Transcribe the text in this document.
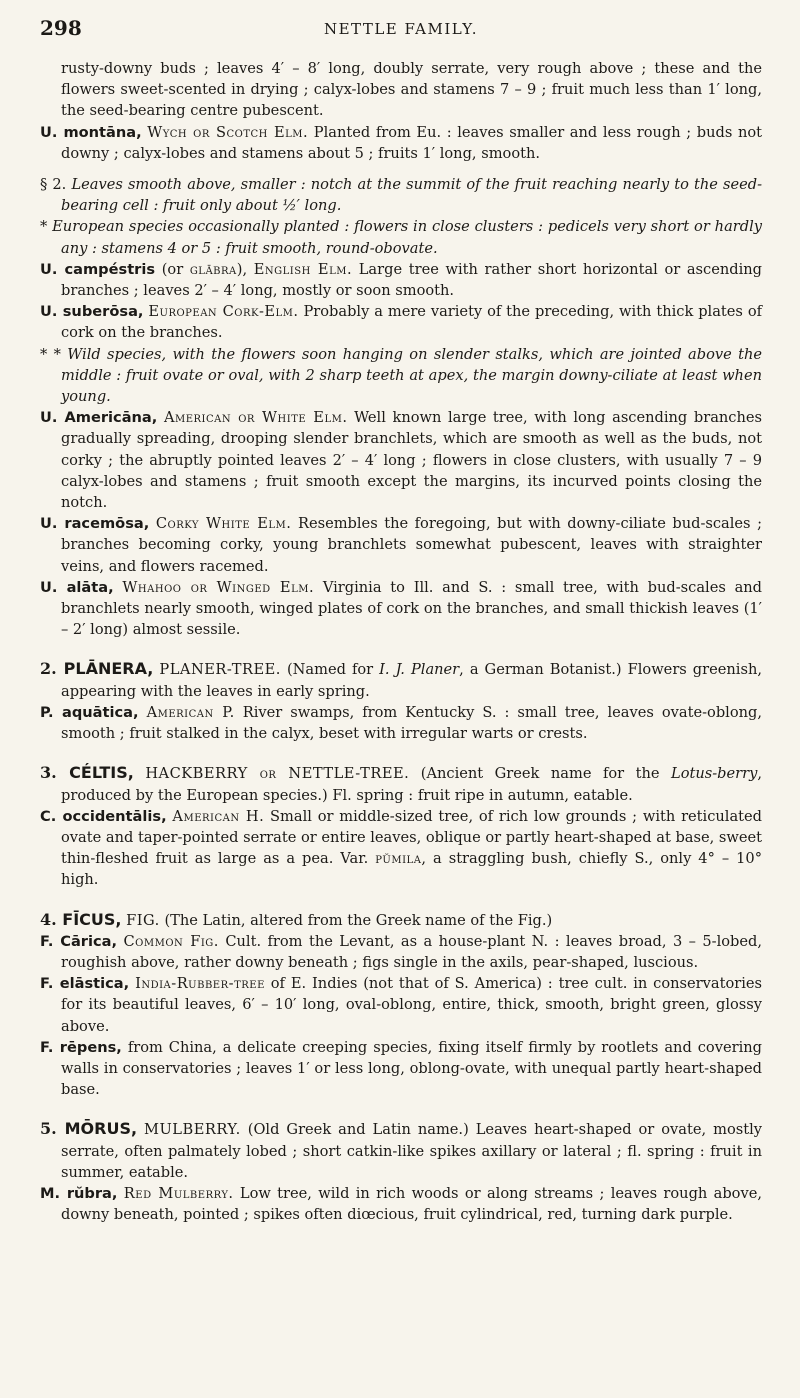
298	NETTLE FAMILY.

rusty-downy buds ; leaves 4′ – 8′ long, doubly serrate, very rough above ; these and the flowers sweet-scented in drying ; calyx-lobes and stamens 7 – 9 ; fruit much less than 1′ long, the seed-bearing centre pubescent.

U. montāna, Wych or Scotch Elm. Planted from Eu. : leaves smaller and less rough ; buds not downy ; calyx-lobes and stamens about 5 ; fruits 1′ long, smooth.

§ 2. Leaves smooth above, smaller : notch at the summit of the fruit reaching nearly to the seed-bearing cell : fruit only about ½′ long.

* European species occasionally planted : flowers in close clusters : pedicels very short or hardly any : stamens 4 or 5 : fruit smooth, round-obovate.

U. campéstris (or glābra), English Elm. Large tree with rather short horizontal or ascending branches ; leaves 2′ – 4′ long, mostly or soon smooth.

U. suberōsa, European Cork-Elm. Probably a mere variety of the preceding, with thick plates of cork on the branches.

* * Wild species, with the flowers soon hanging on slender stalks, which are jointed above the middle : fruit ovate or oval, with 2 sharp teeth at apex, the margin downy-ciliate at least when young.

U. Americāna, American or White Elm. Well known large tree, with long ascending branches gradually spreading, drooping slender branchlets, which are smooth as well as the buds, not corky ; the abruptly pointed leaves 2′ – 4′ long ; flowers in close clusters, with usually 7 – 9 calyx-lobes and stamens ; fruit smooth except the margins, its incurved points closing the notch.

U. racemōsa, Corky White Elm. Resembles the foregoing, but with downy-ciliate bud-scales ; branches becoming corky, young branchlets somewhat pubescent, leaves with straighter veins, and flowers racemed.

U. alāta, Whahoo or Winged Elm. Virginia to Ill. and S. : small tree, with bud-scales and branchlets nearly smooth, winged plates of cork on the branches, and small thickish leaves (1′ – 2′ long) almost sessile.

2. PLĀNERA, PLANER-TREE. (Named for I. J. Planer, a German Botanist.) Flowers greenish, appearing with the leaves in early spring.

P. aquātica, American P. River swamps, from Kentucky S. : small tree, leaves ovate-oblong, smooth ; fruit stalked in the calyx, beset with irregular warts or crests.

3. CÉLTIS, HACKBERRY or NETTLE-TREE. (Ancient Greek name for the Lotus-berry, produced by the European species.) Fl. spring : fruit ripe in autumn, eatable.

C. occidentālis, American H. Small or middle-sized tree, of rich low grounds ; with reticulated ovate and taper-pointed serrate or entire leaves, oblique or partly heart-shaped at base, sweet thin-fleshed fruit as large as a pea. Var. pŭmila, a straggling bush, chiefly S., only 4° – 10° high.

4. FĪCUS, FIG. (The Latin, altered from the Greek name of the Fig.)

F. Cārica, Common Fig. Cult. from the Levant, as a house-plant N. : leaves broad, 3 – 5-lobed, roughish above, rather downy beneath ; figs single in the axils, pear-shaped, luscious.

F. elāstica, India-Rubber-tree of E. Indies (not that of S. America) : tree cult. in conservatories for its beautiful leaves, 6′ – 10′ long, oval-oblong, entire, thick, smooth, bright green, glossy above.

F. rēpens, from China, a delicate creeping species, fixing itself firmly by rootlets and covering walls in conservatories ; leaves 1′ or less long, oblong-ovate, with unequal partly heart-shaped base.

5. MŌRUS, MULBERRY. (Old Greek and Latin name.) Leaves heart-shaped or ovate, mostly serrate, often palmately lobed ; short catkin-like spikes axillary or lateral ; fl. spring : fruit in summer, eatable.

M. rŭbra, Red Mulberry. Low tree, wild in rich woods or along streams ; leaves rough above, downy beneath, pointed ; spikes often diœcious, fruit cylindrical, red, turning dark purple.
